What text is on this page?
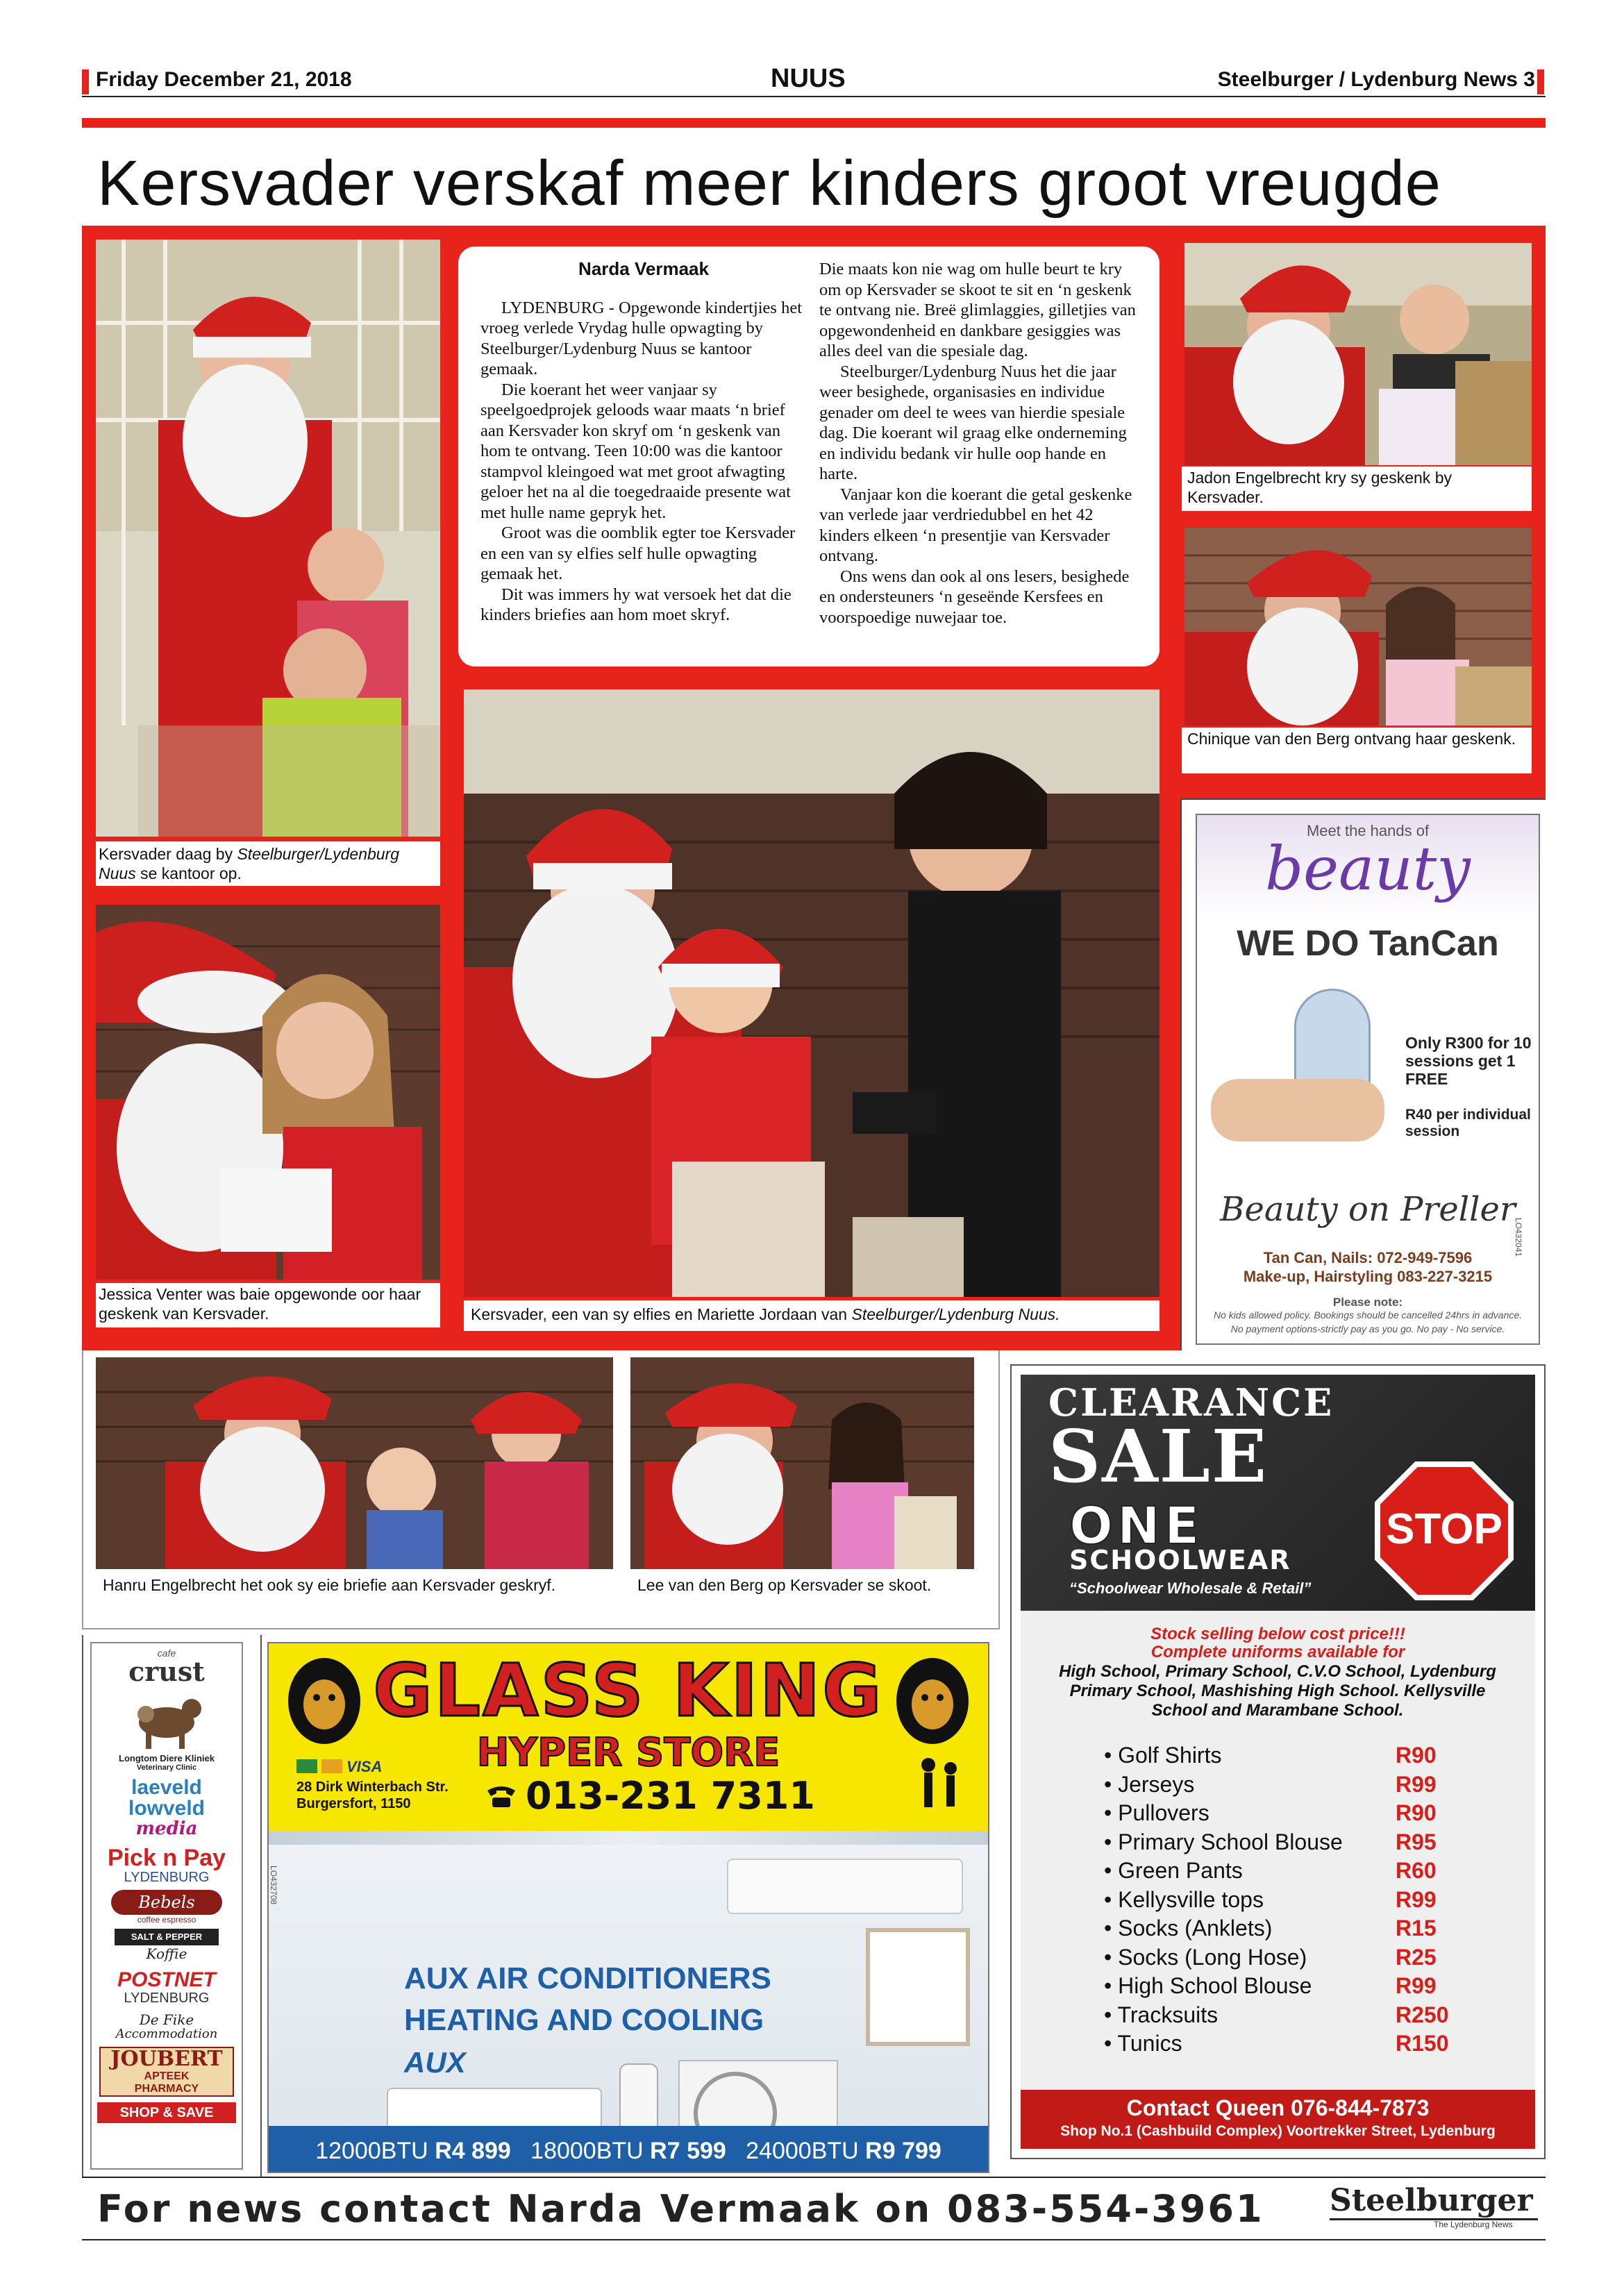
Friday December 21, 2018	NUUS	Steelburger / Lydenburg News 3
Kersvader verskaf meer kinders groot vreugde
Kersvader daag by Steelburger/Lydenburg Nuus se kantoor op.
Narda Vermaak

LYDENBURG - Opgewonde kindertjies het vroeg verlede Vrydag hulle opwagting by Steelburger/Lydenburg Nuus se kantoor gemaak.

Die koerant het weer vanjaar sy speelgoedprojek geloods waar maats ‘n brief aan Kersvader kon skryf om ‘n geskenk van hom te ontvang. Teen 10:00 was die kantoor stampvol kleingoed wat met groot afwagting geloer het na al die toegedraaide presente wat met hulle name gepryk het.

Groot was die oomblik egter toe Kersvader en een van sy elfies self hulle opwagting gemaak het.

Dit was immers hy wat versoek het dat die kinders briefies aan hom moet skryf.

Die maats kon nie wag om hulle beurt te kry om op Kersvader se skoot te sit en ‘n geskenk te ontvang nie. Breë glimlaggies, gilletjies van opgewondenheid en dankbare gesiggies was alles deel van die spesiale dag.

Steelburger/Lydenburg Nuus het die jaar weer besighede, organisasies en individue genader om deel te wees van hierdie spesiale dag. Die koerant wil graag elke onderneming en individu bedank vir hulle oop hande en harte.

Vanjaar kon die koerant die getal geskenke van verlede jaar verdriedubbel en het 42 kinders elkeen ‘n presentjie van Kersvader ontvang.

Ons wens dan ook al ons lesers, besighede en ondersteuners ‘n geseënde Kersfees en voorspoedige nuwejaar toe.

Jadon Engelbrecht kry sy geskenk by Kersvader.
Chinique van den Berg ontvang haar geskenk.
Jessica Venter was baie opgewonde oor haar geskenk van Kersvader.	Kersvader, een van sy elfies en Mariette Jordaan van Steelburger/Lydenburg Nuus.
Meet the hands of
beauty
WE DO TanCan
Only R300 for 10 sessions get 1 FREE
R40 per individual session
Beauty on Preller
Tan Can, Nails: 072-949-7596
Make-up, Hairstyling 083-227-3215
Please note:
No kids allowed policy. Bookings should be cancelled 24hrs in advance.
No payment options-strictly pay as you go. No pay - No service.
LO432041
Hanru Engelbrecht het ook sy eie briefie aan Kersvader geskryf.	Lee van den Berg op Kersvader se skoot.
CLEARANCE
SALE
ONE
SCHOOLWEAR
“Schoolwear Wholesale & Retail”
STOP
Stock selling below cost price!!!
Complete uniforms available for
High School, Primary School, C.V.O School, Lydenburg Primary School, Mashishing High School. Kellysville School and Marambane School.
• Golf Shirts	R90
• Jerseys	R99
• Pullovers	R90
• Primary School Blouse R95
• Green Pants	R60
• Kellysville tops	R99
• Socks (Anklets)	R15
• Socks (Long Hose)	R25
• High School Blouse	R99
• Tracksuits	R250
• Tunics	R150
Contact Queen 076-844-7873
Shop No.1 (Cashbuild Complex) Voortrekker Street, Lydenburg
cafe
crust
Longtom Diere Kliniek
Veterinary Clinic
laeveld
lowveld
media
Pick n Pay
LYDENBURG
Bebels
coffee espresso
SALT & PEPPER
Koffie
POSTNET
LYDENBURG
De Fike
Accommodation
JOUBERT
APTEEK
PHARMACY
SHOP & SAVE
GLASS KING
HYPER STORE
VISA
28 Dirk Winterbach Str.
Burgersfort, 1150	013-231 7311
AUX AIR CONDITIONERS
HEATING AND COOLING
AUX
12000BTU R4 899 18000BTU R7 599 24000BTU R9 799
LO432708
For news contact Narda Vermaak on 083-554-3961 Steelburger
The Lydenburg News
